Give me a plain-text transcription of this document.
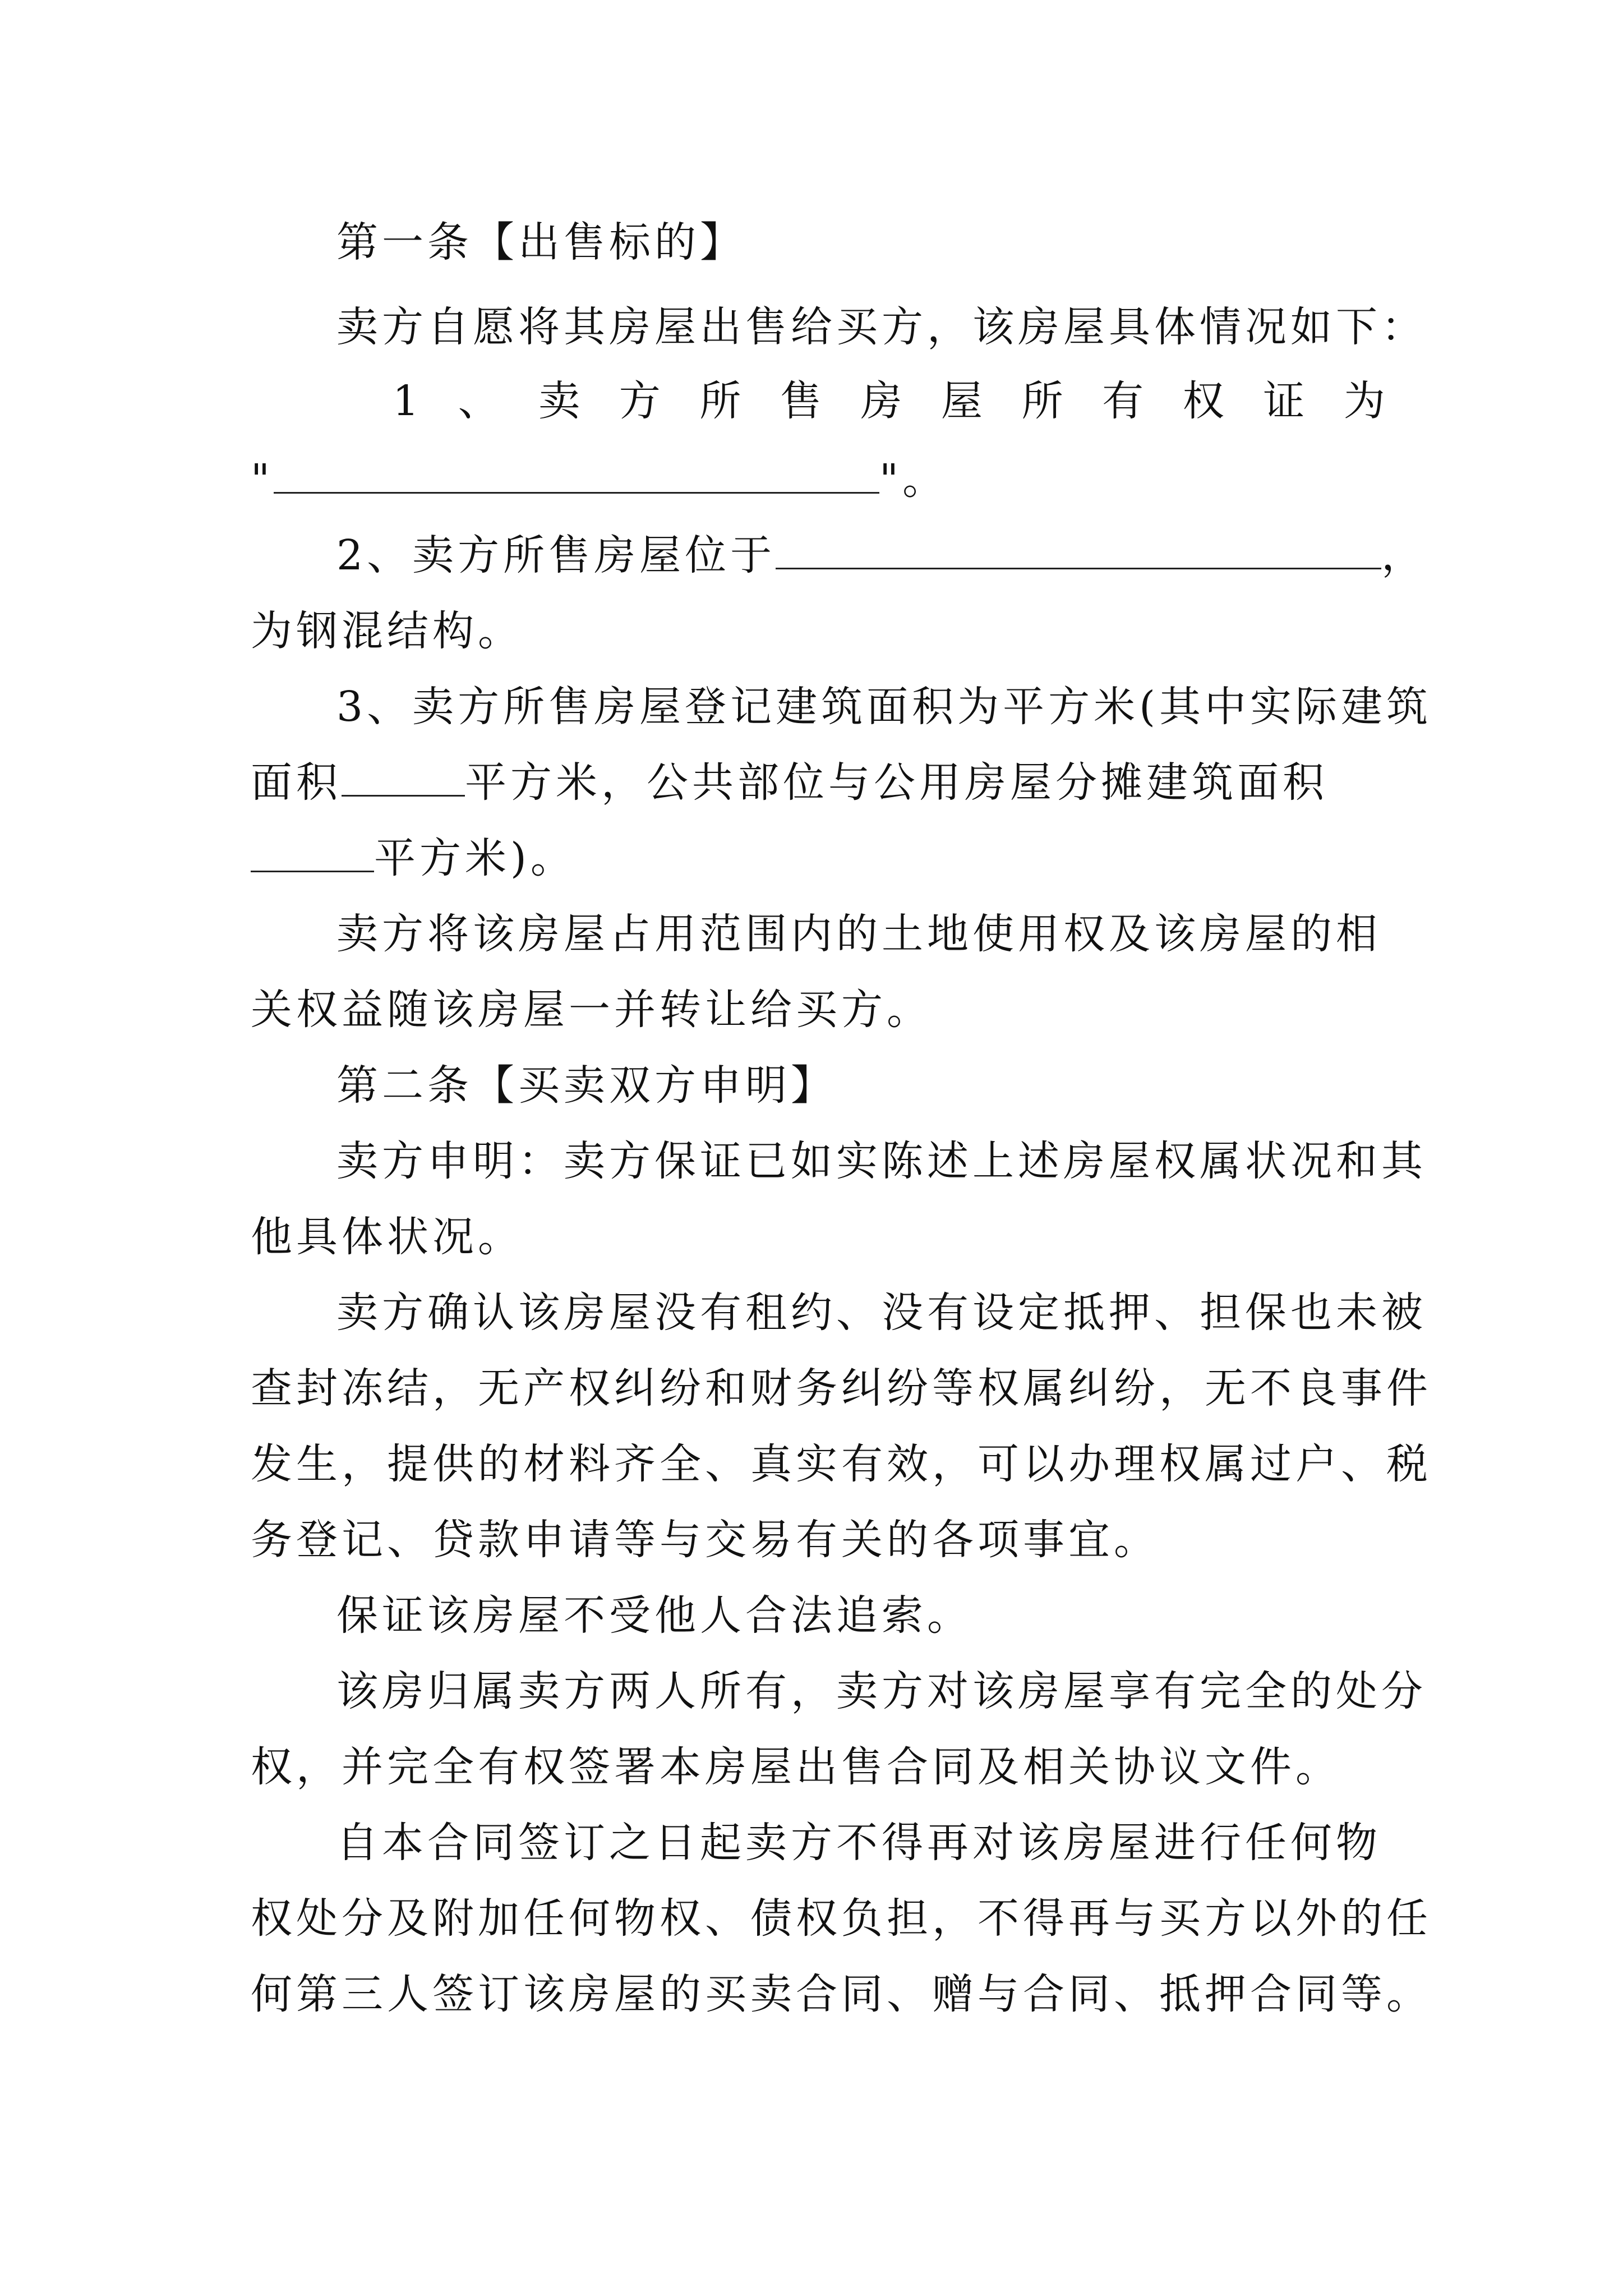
第一条【出售标的】
卖方自愿将其房屋出售给买方，该房屋具体情况如下：
1 、 卖 方 所 售 房 屋 所 有 权 证 为
"	"。
2、卖方所售房屋位于	，
为钢混结构。
3、卖方所售房屋登记建筑面积为平方米(其中实际建筑
面积	平方米，公共部位与公用房屋分摊建筑面积
平方米)。
卖方将该房屋占用范围内的土地使用权及该房屋的相
关权益随该房屋一并转让给买方。
第二条【买卖双方申明】
卖方申明：卖方保证已如实陈述上述房屋权属状况和其
他具体状况。
卖方确认该房屋没有租约、没有设定抵押、担保也未被
查封冻结，无产权纠纷和财务纠纷等权属纠纷，无不良事件
发生，提供的材料齐全、真实有效，可以办理权属过户、税
务登记、贷款申请等与交易有关的各项事宜。
保证该房屋不受他人合法追索。
该房归属卖方两人所有，卖方对该房屋享有完全的处分
权，并完全有权签署本房屋出售合同及相关协议文件。
自本合同签订之日起卖方不得再对该房屋进行任何物
权处分及附加任何物权、债权负担，不得再与买方以外的任
何第三人签订该房屋的买卖合同、赠与合同、抵押合同等。
